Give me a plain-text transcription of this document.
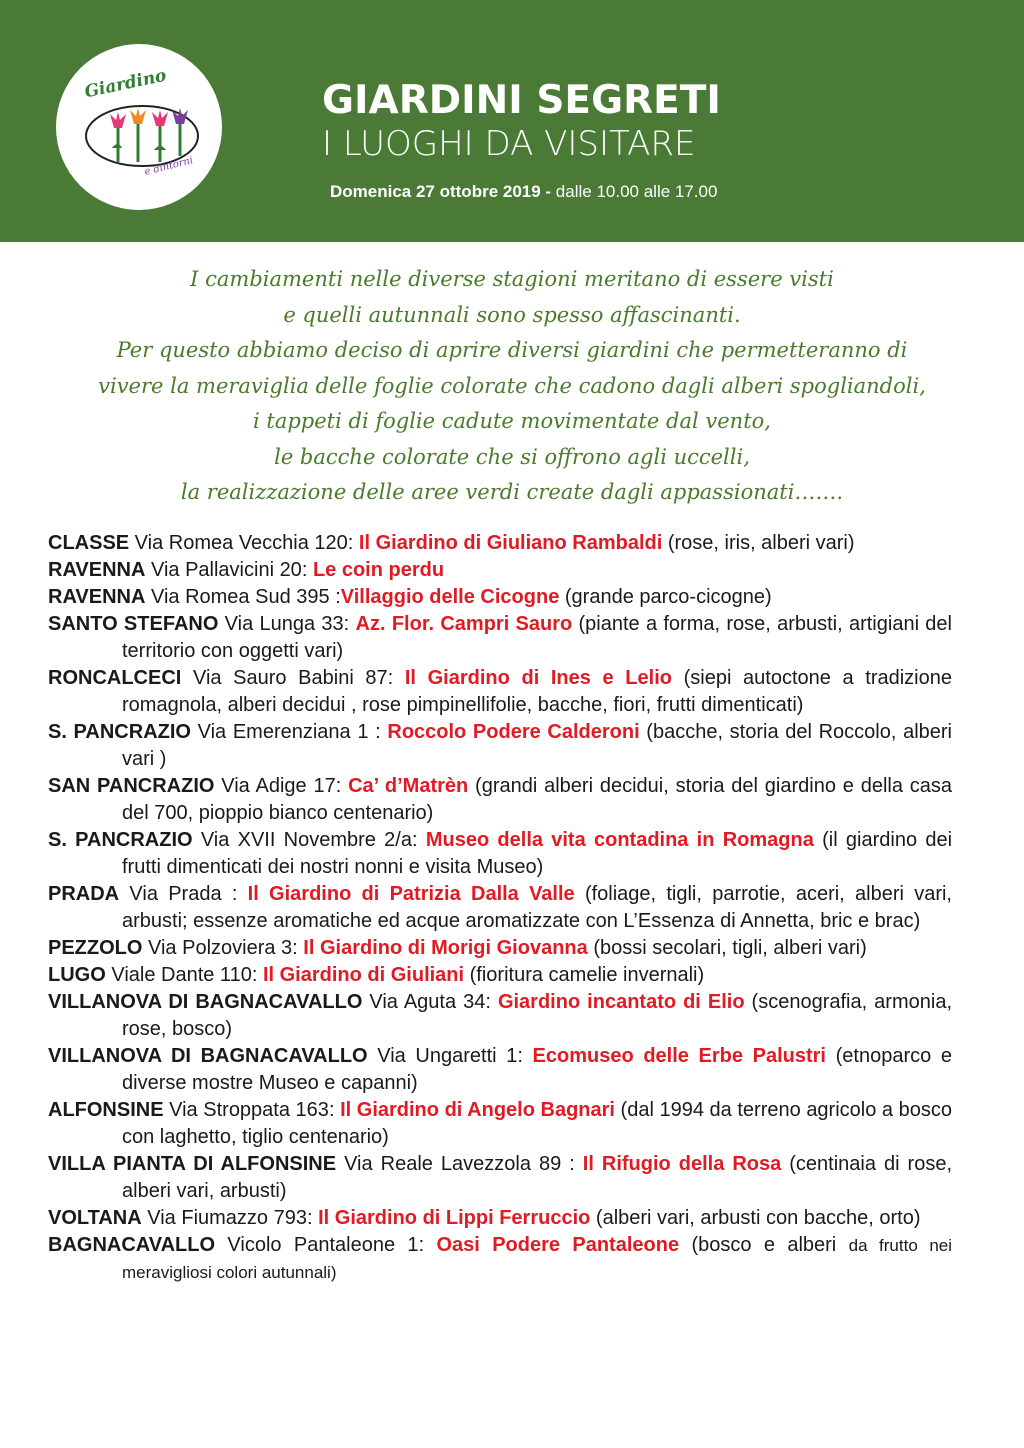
Giardino
e dintorni
GIARDINI SEGRETI
I LUOGHI DA VISITARE
Domenica 27 ottobre 2019 - dalle 10.00 alle 17.00
I cambiamenti nelle diverse stagioni meritano di essere visti
e quelli autunnali sono spesso affascinanti.
Per questo abbiamo deciso di aprire diversi giardini che permetteranno di
vivere la meraviglia delle foglie colorate che cadono dagli alberi spogliandoli,
i tappeti di foglie cadute movimentate dal vento,
le bacche colorate che si offrono agli uccelli,
la realizzazione delle aree verdi create dagli appassionati…….
CLASSE Via Romea Vecchia 120: Il Giardino di Giuliano Rambaldi (rose, iris, alberi vari)
RAVENNA Via Pallavicini 20: Le coin perdu
RAVENNA Via Romea Sud 395 :Villaggio delle Cicogne (grande parco-cicogne)
SANTO STEFANO Via Lunga 33: Az. Flor. Campri Sauro (piante a forma, rose, arbusti, artigiani del territorio con oggetti vari)
RONCALCECI Via Sauro Babini 87: Il Giardino di Ines e Lelio (siepi autoctone a tradizione romagnola, alberi decidui , rose pimpinellifolie, bacche, fiori, frutti dimenticati)
S. PANCRAZIO Via Emerenziana 1 : Roccolo Podere Calderoni (bacche, storia del Roccolo, alberi vari )
SAN PANCRAZIO Via Adige 17: Ca’ d’Matrèn (grandi alberi decidui, storia del giardino e della casa del 700, pioppio bianco centenario)
S. PANCRAZIO Via XVII Novembre 2/a: Museo della vita contadina in Romagna (il giardino dei frutti dimenticati dei nostri nonni e visita Museo)
PRADA Via Prada : Il Giardino di Patrizia Dalla Valle (foliage, tigli, parrotie, aceri, alberi vari, arbusti; essenze aromatiche ed acque aromatizzate con L’Essenza di Annetta, bric e brac)
PEZZOLO Via Polzoviera 3: Il Giardino di Morigi Giovanna (bossi secolari, tigli, alberi vari)
LUGO Viale Dante 110: Il Giardino di Giuliani (fioritura camelie invernali)
VILLANOVA DI BAGNACAVALLO Via Aguta 34: Giardino incantato di Elio (scenografia, armonia, rose, bosco)
VILLANOVA DI BAGNACAVALLO Via Ungaretti 1: Ecomuseo delle Erbe Palustri (etnoparco e diverse mostre Museo e capanni)
ALFONSINE Via Stroppata 163: Il Giardino di Angelo Bagnari (dal 1994 da terreno agricolo a bosco con laghetto, tiglio centenario)
VILLA PIANTA DI ALFONSINE Via Reale Lavezzola 89 : Il Rifugio della Rosa (centinaia di rose, alberi vari, arbusti)
VOLTANA Via Fiumazzo 793: Il Giardino di Lippi Ferruccio (alberi vari, arbusti con bacche, orto)
BAGNACAVALLO Vicolo Pantaleone 1: Oasi Podere Pantaleone (bosco e alberi da frutto nei meravigliosi colori autunnali)
